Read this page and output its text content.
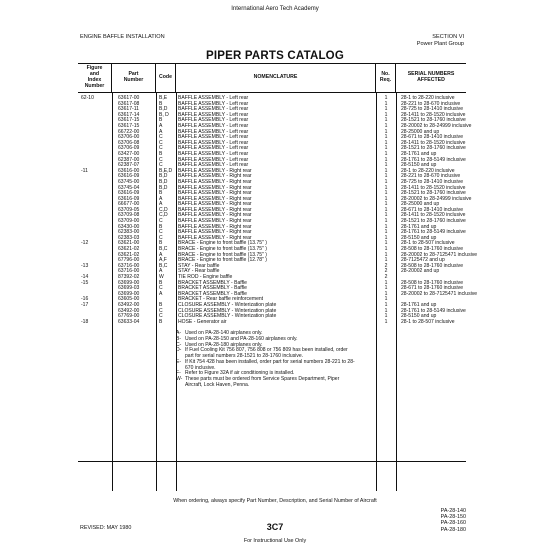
International Aero Tech Academy
ENGINE BAFFLE INSTALLATION	SECTION VI
Power Plant Group
PIPER PARTS CATALOG
Figure
and
Index
Number
Part
Number	Code	NOMENCLATURE	No.
Req.
SERIAL NUMBERS
AFFECTED
62-10	63617-00	B,E	BAFFLE ASSEMBLY - Left rear	1	28-1 to 28-220 inclusive
63617-08	B	BAFFLE ASSEMBLY - Left rear	1	28-221 to 28-670 inclusive
63617-11	B,D	BAFFLE ASSEMBLY - Left rear	1	28-725 to 28-1410 inclusive
63617-14	B, D	BAFFLE ASSEMBLY - Left rear	1	28-1411 to 28-1520 inclusive
63617-15	B	BAFFLE ASSEMBLY - Left rear	1	28-1521 to 28-1760 inclusive
63617-15	A	BAFFLE ASSEMBLY - Left rear	1	28-20002 to 28-24999 inclusive
66722-00	A	BAFFLE ASSEMBLY - Left rear	1	28-25000 and up
63706-00	C	BAFFLE ASSEMBLY - Left rear	1	28-671 to 28-1410 inclusive
63706-08	C	BAFFLE ASSEMBLY - Left rear	1	28-1411 to 28-1520 inclusive
63706-09	C	BAFFLE ASSEMBLY - Left rear	1	28-1521 to 28-1760 inclusive
63427-00	B	BAFFLE ASSEMBLY - Left rear	1	28-1761 and up
62387-00	C	BAFFLE ASSEMBLY - Left rear	1	28-1761 to 28-5149 inclusive
62387-07	C	BAFFLE ASSEMBLY - Left rear	1	28-5150 and up
-11	63616-00	B,E,D	BAFFLE ASSEMBLY - Right rear	1	28-1 to 28-220 inclusive
63616-09	B,D	BAFFLE ASSEMBLY - Right rear	1	28-221 to 28-670 inclusive
63745-00	B,D	BAFFLE ASSEMBLY - Right rear	1	28-725 to 28-1410 inclusive
63745-04	B,D	BAFFLE ASSEMBLY - Right rear	1	28-1411 to 28-1520 inclusive
63616-09	B	BAFFLE ASSEMBLY - Right rear	1	28-1521 to 28-1760 inclusive
63616-09	A	BAFFLE ASSEMBLY - Right rear	1	28-20002 to 28-24999 inclusive
66677-00	A	BAFFLE ASSEMBLY - Right rear	1	28-25000 and up
63709-05	C,D	BAFFLE ASSEMBLY - Right rear	1	28-671 to 28-1410 inclusive
63709-08	C,D	BAFFLE ASSEMBLY - Right rear	1	28-1411 to 28-1520 inclusive
63709-00	C	BAFFLE ASSEMBLY - Right rear	1	28-1521 to 28-1760 inclusive
63430-00	B	BAFFLE ASSEMBLY - Right rear	1	28-1761 and up
62383-00	C	BAFFLE ASSEMBLY - Right rear	1	28-1761 to 28-5149 inclusive
62383-03	C	BAFFLE ASSEMBLY - Right rear	1	28-5150 and up
-12	63621-00	B	BRACE - Engine to front baffle (13.75" )	1	28-1 to 28-507 inclusive
63621-02	B,C	BRACE - Engine to front baffle (13.75" )	1	28-508 to 28-1760 inclusive
63621-02	A	BRACE - Engine to front baffle (13.75" )	1	28-20002 to 28-7125471 inclusive
67796-00	A,F	BRACE - Engine to front baffle (12.78" )	1	28-7125472 and up
-13	63716-00	B,C	STAY - Rear baffle	2	28-508 to 28-1760 inclusive
63716-00	A	STAY - Rear baffle	2	28-20002 and up
-14	87392-02	W	TIE ROD - Engine baffle	2
-15	63699-00	B	BRACKET ASSEMBLY - Baffle	1	28-508 to 28-1760 inclusive
63699-03	C	BRACKET ASSEMBLY - Baffle	1	28-671 to 28-1760 inclusive
63699-00	A	BRACKET ASSEMBLY - Baffle	1	28-20002 to 28-7125471 inclusive
-16	63605-00	BRACKET - Rear baffle reinforcement	1
-17	63492-00	B	CLOSURE ASSEMBLY - Winterization plate	1	28-1761 and up
63492-00	C	CLOSURE ASSEMBLY - Winterization plate	1	28-1761 to 28-5149 inclusive
67769-00	C	CLOSURE ASSEMBLY - Winterization plate	1	28-5150 and up
-18	63633-04	B	HOSE - Generator air	1	28-1 to 28-507 inclusive
A- Used on PA-28-140 airplanes only.
B- Used on PA-28-150 and PA-28-160 airplanes only.
C- Used on PA-28-180 airplanes only.
D- If Fuel Cooling Kit 756 807, 756 808 or 756 809 has been installed, order part for serial numbers 28-1521 to 28-1760 inclusive.
E- If Kit 754 428 has been installed, order part for serial numbers 28-221 to 28-670 inclusive.
F- Refer to Figure 32A if air conditioning is installed.
W- These parts must be ordered from Service Spares Department, Piper Aircraft, Lock Haven, Penna.
When ordering, always specify Part Number, Description, and Serial Number of Aircraft
PA-28-140
PA-28-150
PA-28-160
PA-28-180
REVISED: MAY 1980	3C7
For Instructional Use Only
